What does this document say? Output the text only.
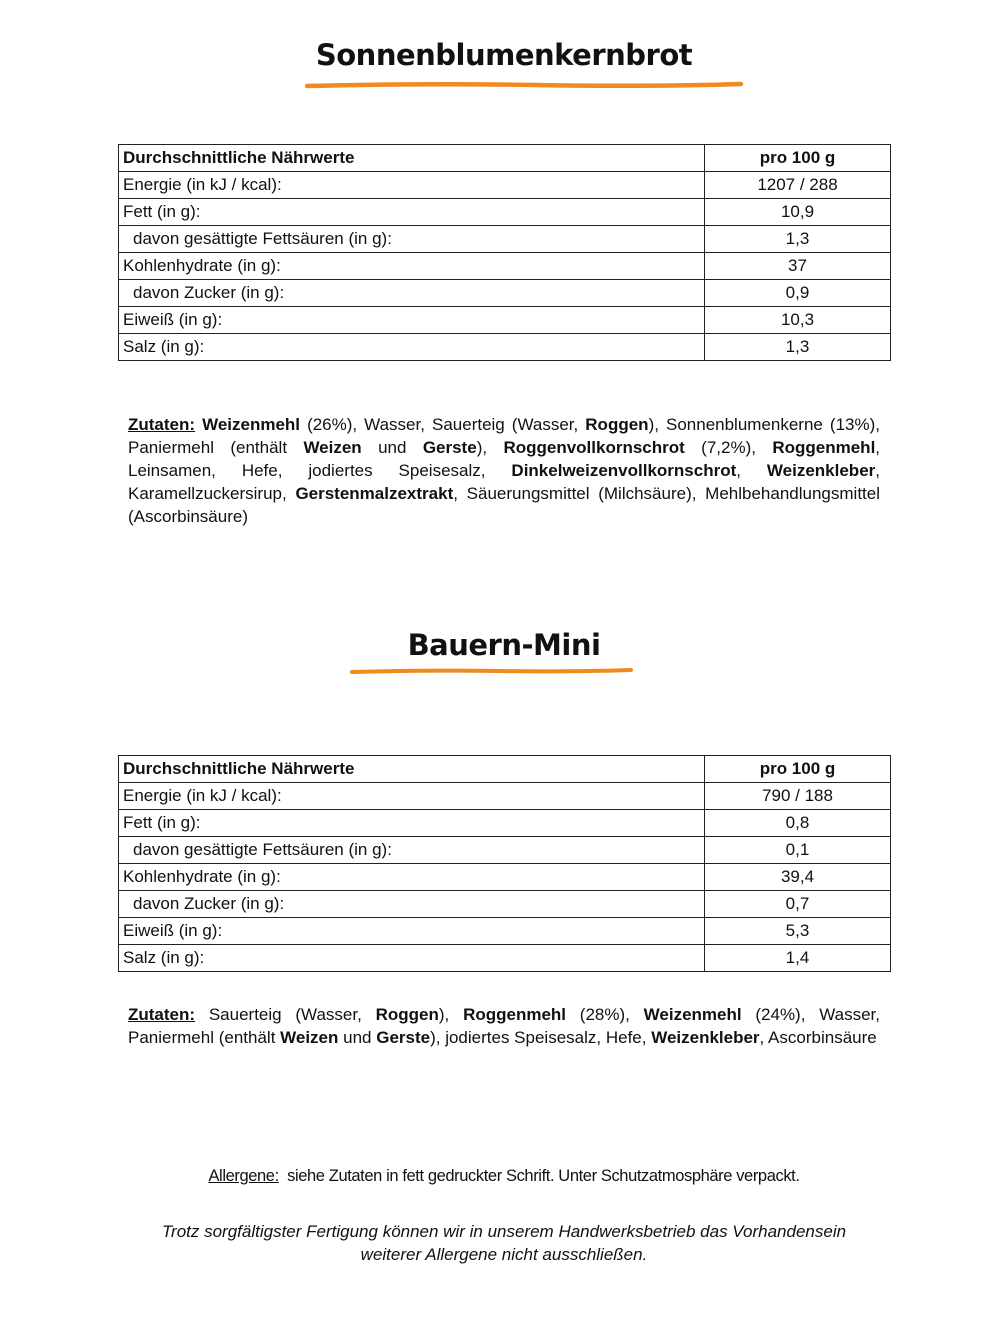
Sonnenblumenkernbrot
Durchschnittliche Nährwerte	pro 100 g
Energie (in kJ / kcal):	1207 / 288
Fett (in g):	10,9
davon gesättigte Fettsäuren (in g):	1,3
Kohlenhydrate (in g):	37
davon Zucker (in g):	0,9
Eiweiß (in g):	10,3
Salz (in g):	1,3

Zutaten: Weizenmehl (26%), Wasser, Sauerteig (Wasser, Roggen), Sonnenblumenkerne (13%), Paniermehl (enthält Weizen und Gerste), Roggenvollkornschrot (7,2%), Roggenmehl, Leinsamen, Hefe, jodiertes Speisesalz, Dinkelweizenvollkornschrot, Weizenkleber, Karamellzuckersirup, Gerstenmalzextrakt, Säuerungsmittel (Milchsäure), Mehlbehandlungsmittel (Ascorbinsäure)

Bauern-Mini
Durchschnittliche Nährwerte	pro 100 g
Energie (in kJ / kcal):	790 / 188
Fett (in g):	0,8
davon gesättigte Fettsäuren (in g):	0,1
Kohlenhydrate (in g):	39,4
davon Zucker (in g):	0,7
Eiweiß (in g):	5,3
Salz (in g):	1,4

Zutaten: Sauerteig (Wasser, Roggen), Roggenmehl (28%), Weizenmehl (24%), Wasser, Paniermehl (enthält Weizen und Gerste), jodiertes Speisesalz, Hefe, Weizenkleber, Ascorbinsäure

Allergene:  siehe Zutaten in fett gedruckter Schrift. Unter Schutzatmosphäre verpackt.

Trotz sorgfältigster Fertigung können wir in unserem Handwerksbetrieb das Vorhandensein weiterer Allergene nicht ausschließen.
